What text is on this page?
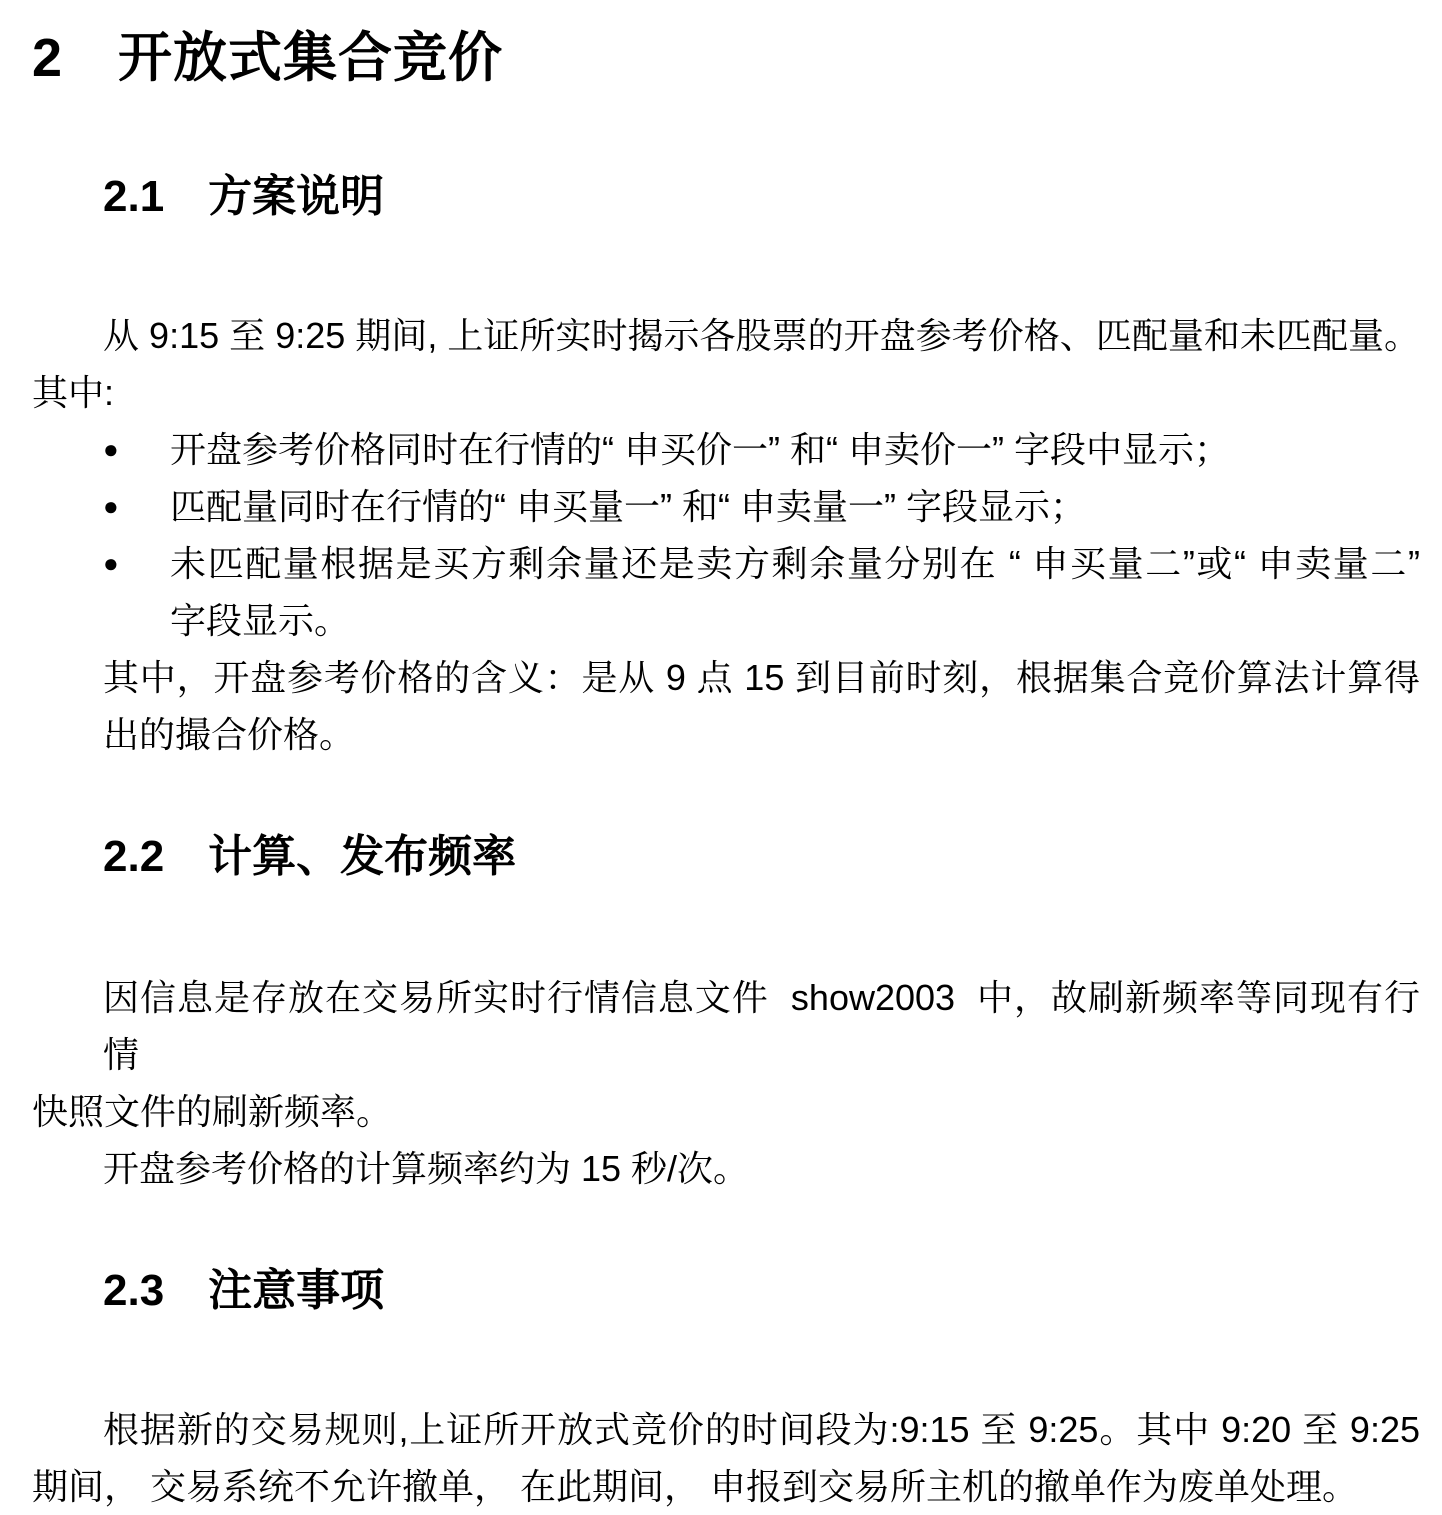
2　开放式集合竞价
2.1　方案说明

从 9:15 至 9:25 期间, 上证所实时揭示各股票的开盘参考价格、匹配量和未匹配量。

其中:

●	开盘参考价格同时在行情的“ 申买价一” 和“ 申卖价一” 字段中显示；
●	匹配量同时在行情的“ 申买量一” 和“ 申卖量一” 字段显示；
●	未匹配量根据是买方剩余量还是卖方剩余量分别在 “ 申买量二”或“ 申卖量二”

字段显示。

其中，开盘参考价格的含义：是从 9 点 15 到目前时刻，根据集合竞价算法计算得

出的撮合价格。

2.2　计算、发布频率

因信息是存放在交易所实时行情信息文件  show2003  中，故刷新频率等同现有行情

快照文件的刷新频率。

开盘参考价格的计算频率约为 15 秒/次。

2.3　注意事项

根据新的交易规则,上证所开放式竞价的时间段为:9:15 至 9:25。其中 9:20 至 9:25

期间， 交易系统不允许撤单， 在此期间， 申报到交易所主机的撤单作为废单处理。
